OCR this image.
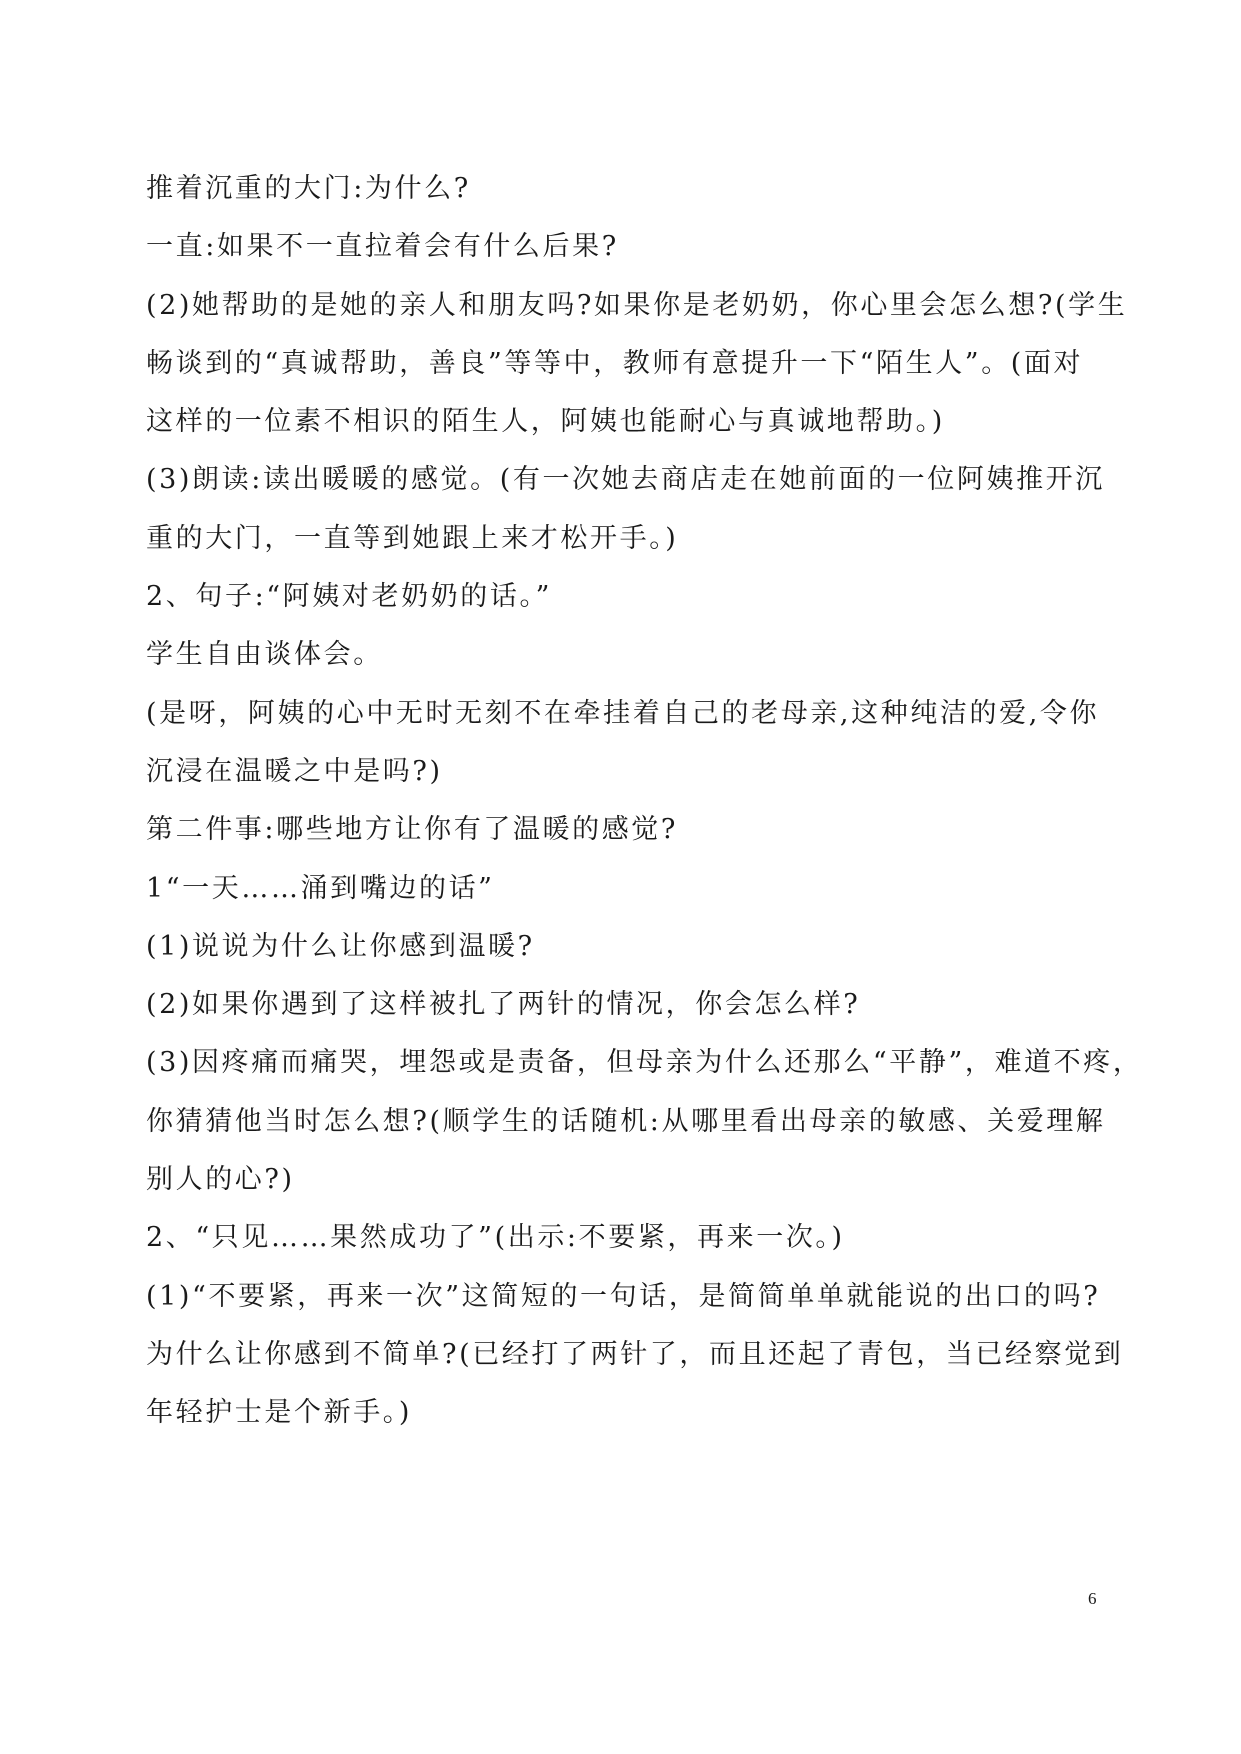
推着沉重的大门:为什么?
一直:如果不一直拉着会有什么后果?
(2)她帮助的是她的亲人和朋友吗?如果你是老奶奶，你心里会怎么想?(学生
畅谈到的“真诚帮助，善良”等等中，教师有意提升一下“陌生人”。(面对
这样的一位素不相识的陌生人，阿姨也能耐心与真诚地帮助。)
(3)朗读:读出暖暖的感觉。(有一次她去商店走在她前面的一位阿姨推开沉
重的大门，一直等到她跟上来才松开手。)
2、句子:“阿姨对老奶奶的话。”
学生自由谈体会。
(是呀，阿姨的心中无时无刻不在牵挂着自己的老母亲,这种纯洁的爱,令你
沉浸在温暖之中是吗?)
第二件事:哪些地方让你有了温暖的感觉?
1“一天……涌到嘴边的话”
(1)说说为什么让你感到温暖?
(2)如果你遇到了这样被扎了两针的情况，你会怎么样?
(3)因疼痛而痛哭，埋怨或是责备，但母亲为什么还那么“平静”，难道不疼，
你猜猜他当时怎么想?(顺学生的话随机:从哪里看出母亲的敏感、关爱理解
别人的心?)
2、“只见……果然成功了”(出示:不要紧，再来一次。)
(1)“不要紧，再来一次”这简短的一句话，是简简单单就能说的出口的吗?
为什么让你感到不简单?(已经打了两针了，而且还起了青包，当已经察觉到
年轻护士是个新手。)
6
